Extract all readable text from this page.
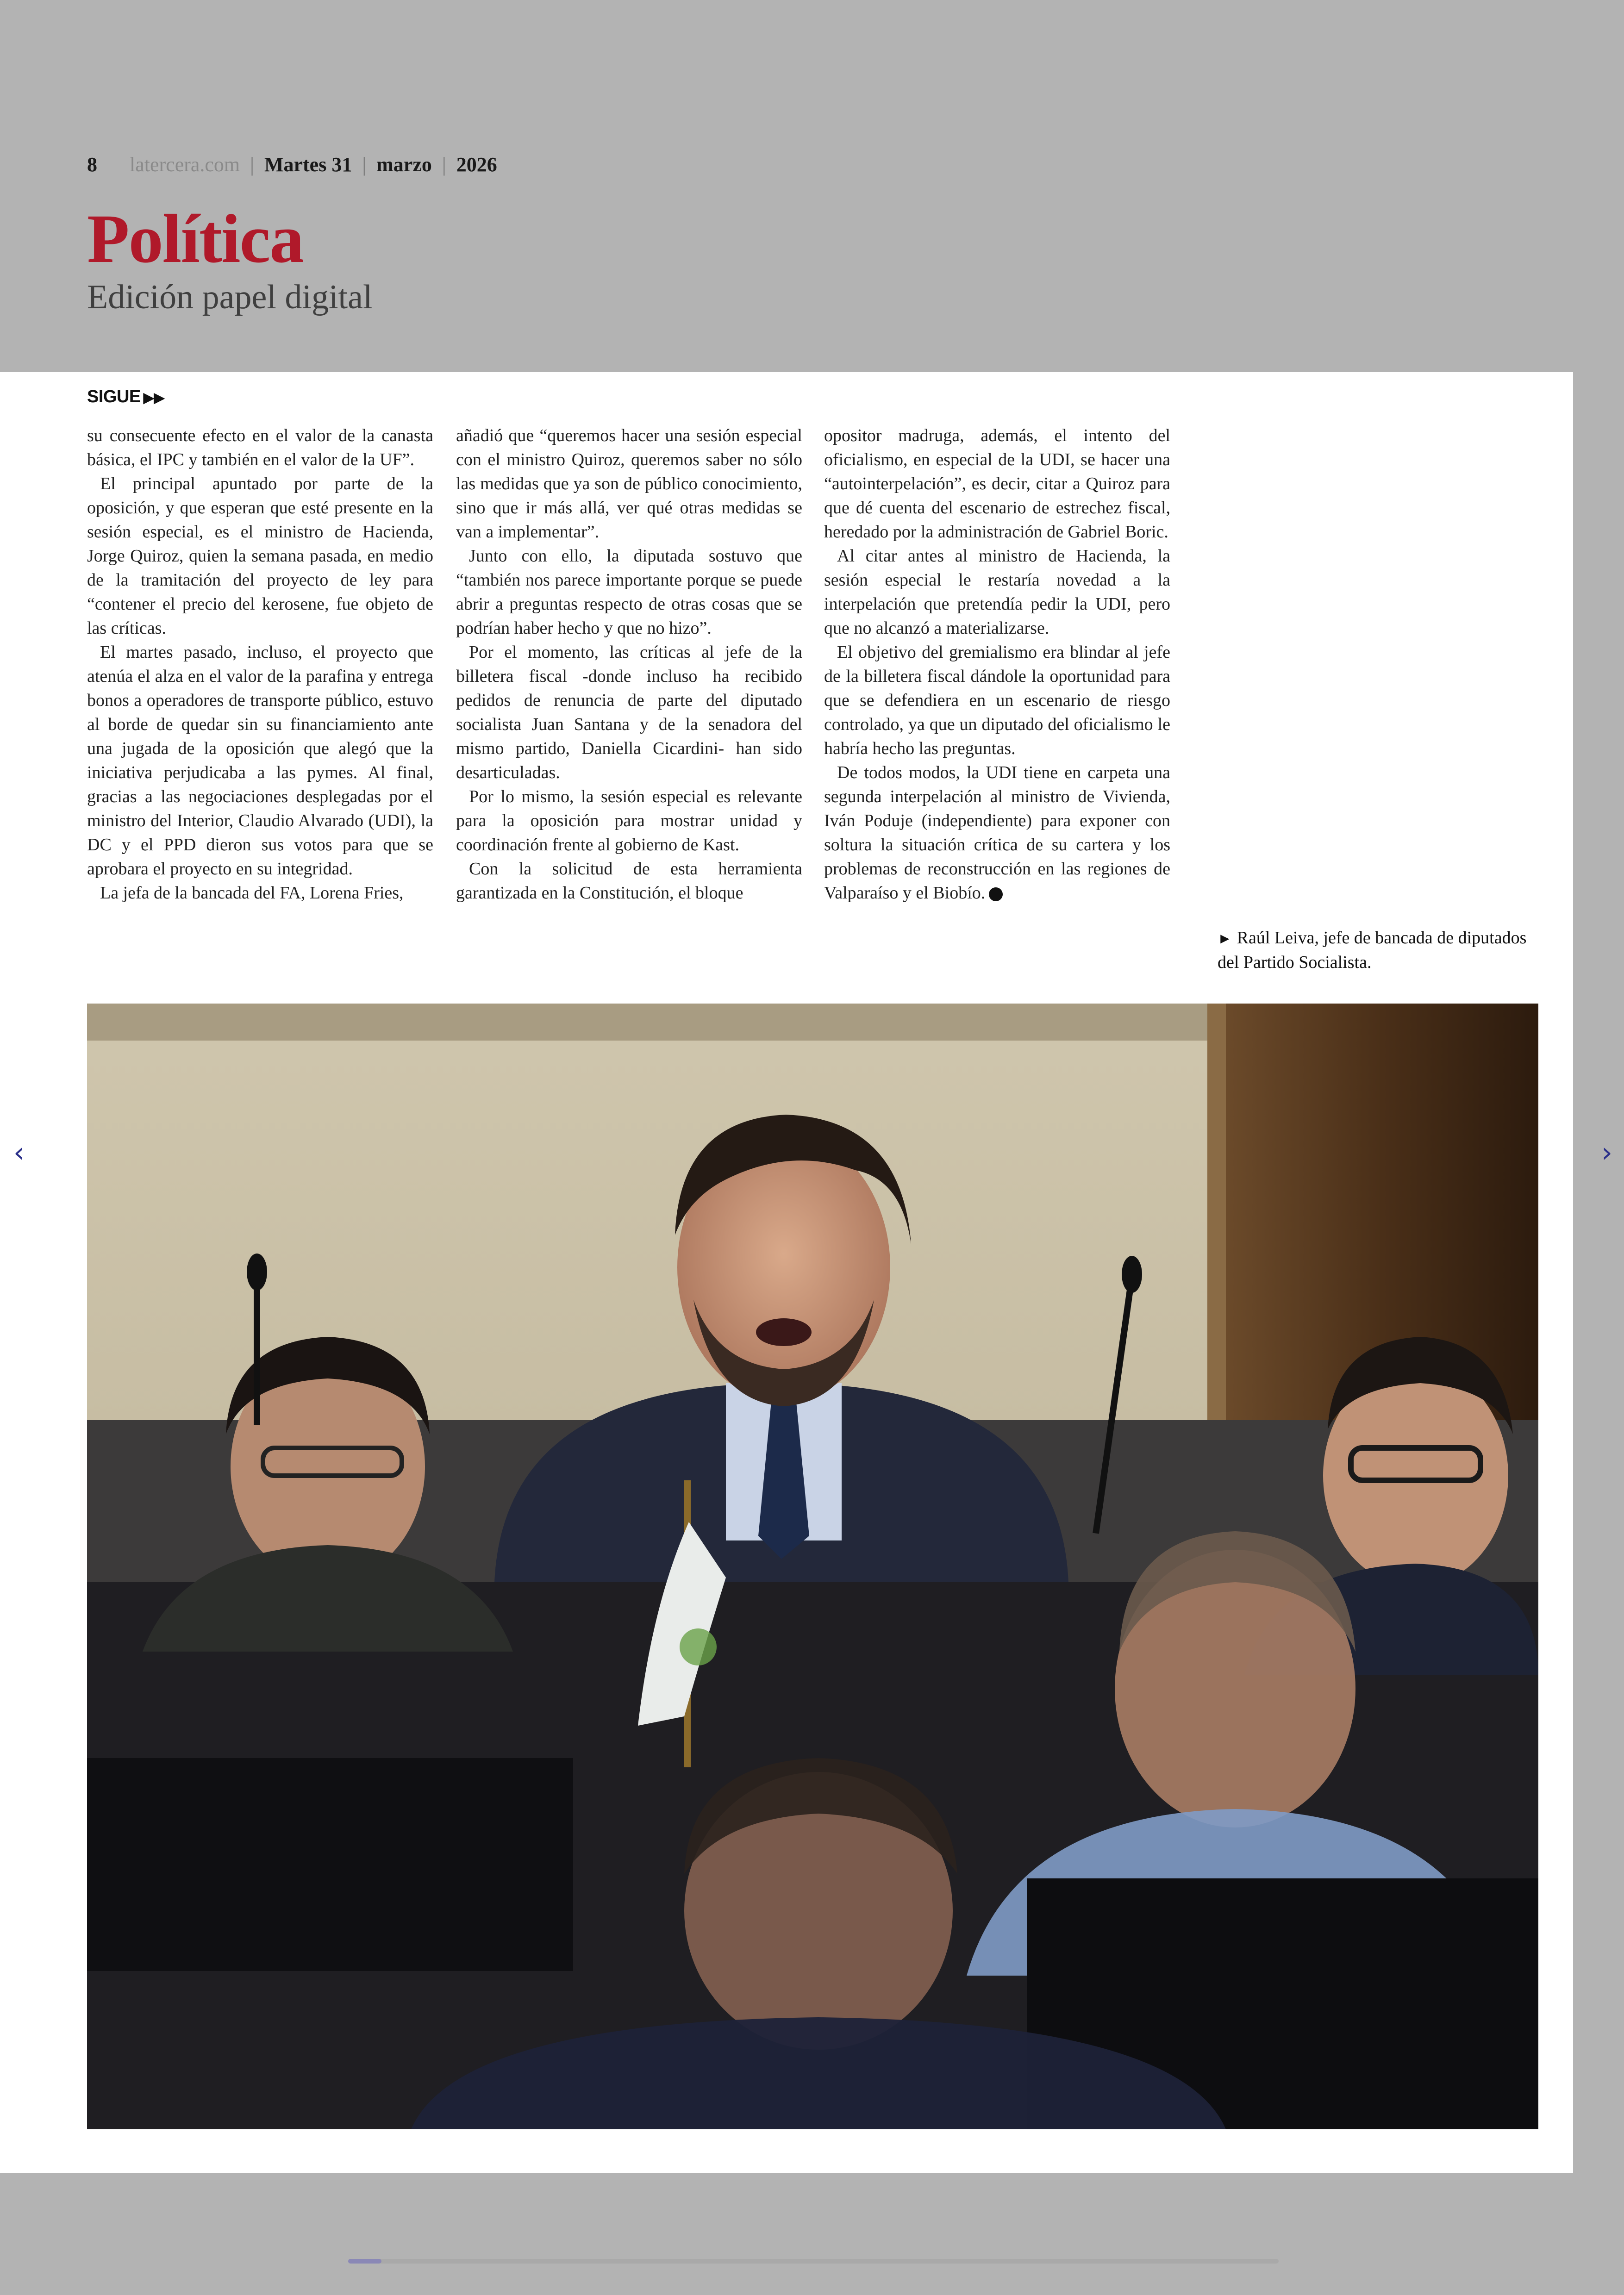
8 latercera.com | Martes 31 | marzo | 2026
Política
Edición papel digital
SIGUE ▶▶

su consecuente efecto en el valor de la canasta básica, el IPC y también en el valor de la UF”.

El principal apuntado por parte de la oposición, y que esperan que esté presente en la sesión especial, es el ministro de Hacienda, Jorge Quiroz, quien la semana pasada, en medio de la tramitación del proyecto de ley para “contener el precio del kerosene, fue objeto de las críticas.

El martes pasado, incluso, el proyecto que atenúa el alza en el valor de la parafina y entrega bonos a operadores de transporte público, estuvo al borde de quedar sin su financiamiento ante una jugada de la oposición que alegó que la iniciativa perjudicaba a las pymes. Al final, gracias a las negociaciones desplegadas por el ministro del Interior, Claudio Alvarado (UDI), la DC y el PPD dieron sus votos para que se aprobara el proyecto en su integridad.

La jefa de la bancada del FA, Lorena Fries,

añadió que “queremos hacer una sesión especial con el ministro Quiroz, queremos saber no sólo las medidas que ya son de público conocimiento, sino que ir más allá, ver qué otras medidas se van a implementar”.

Junto con ello, la diputada sostuvo que “también nos parece importante porque se puede abrir a preguntas respecto de otras cosas que se podrían haber hecho y que no hizo”.

Por el momento, las críticas al jefe de la billetera fiscal -donde incluso ha recibido pedidos de renuncia de parte del diputado socialista Juan Santana y de la senadora del mismo partido, Daniella Cicardini- han sido desarticuladas.

Por lo mismo, la sesión especial es relevante para la oposición para mostrar unidad y coordinación frente al gobierno de Kast.

Con la solicitud de esta herramienta garantizada en la Constitución, el bloque

opositor madruga, además, el intento del oficialismo, en especial de la UDI, se hacer una “autointerpelación”, es decir, citar a Quiroz para que dé cuenta del escenario de estrechez fiscal, heredado por la administración de Gabriel Boric.

Al citar antes al ministro de Hacienda, la sesión especial le restaría novedad a la interpelación que pretendía pedir la UDI, pero que no alcanzó a materializarse.

El objetivo del gremialismo era blindar al jefe de la billetera fiscal dándole la oportunidad para que se defendiera en un escenario de riesgo controlado, ya que un diputado del oficialismo le habría hecho las preguntas.

De todos modos, la UDI tiene en carpeta una segunda interpelación al ministro de Vivienda, Iván Poduje (independiente) para exponer con soltura la situación crítica de su cartera y los problemas de reconstrucción en las regiones de Valparaíso y el Biobío.

► Raúl Leiva, jefe de bancada de diputados del Partido Socialista.
‹	›
